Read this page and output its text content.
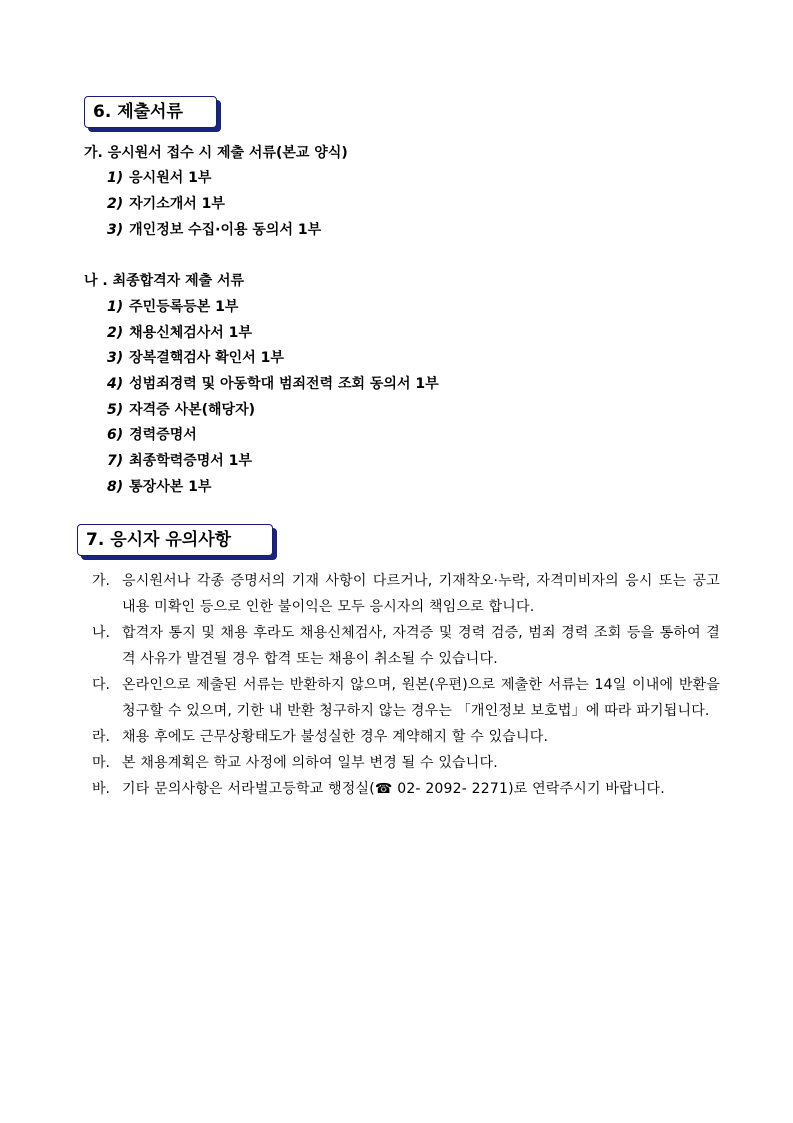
6. 제출서류
가. 응시원서 접수 시 제출 서류(본교 양식)
1) 응시원서 1부
2) 자기소개서 1부
3) 개인정보 수집·이용 동의서 1부
나 . 최종합격자 제출 서류
1) 주민등록등본 1부
2) 채용신체검사서 1부
3) 장복결핵검사 확인서 1부
4) 성범죄경력 및 아동학대 범죄전력 조회 동의서 1부
5) 자격증 사본(해당자)
6) 경력증명서
7) 최종학력증명서 1부
8) 통장사본 1부
7. 응시자 유의사항

가. 응시원서나 각종 증명서의 기재 사항이 다르거나, 기재착오·누락, 자격미비자의 응시 또는 공고 내용 미확인 등으로 인한 불이익은 모두 응시자의 책임으로 합니다.

나. 합격자 통지 및 채용 후라도 채용신체검사, 자격증 및 경력 검증, 범죄 경력 조회 등을 통하여 결격 사유가 발견될 경우 합격 또는 채용이 취소될 수 있습니다.

다. 온라인으로 제출된 서류는 반환하지 않으며, 원본(우편)으로 제출한 서류는 14일 이내에 반환을 청구할 수 있으며, 기한 내 반환 청구하지 않는 경우는 「개인정보 보호법」에 따라 파기됩니다.

라. 채용 후에도 근무상황태도가 불성실한 경우 계약해지 할 수 있습니다.

마. 본 채용계획은 학교 사정에 의하여 일부 변경 될 수 있습니다.

바. 기타 문의사항은 서라벌고등학교 행정실(☎ 02- 2092- 2271)로 연락주시기 바랍니다.
